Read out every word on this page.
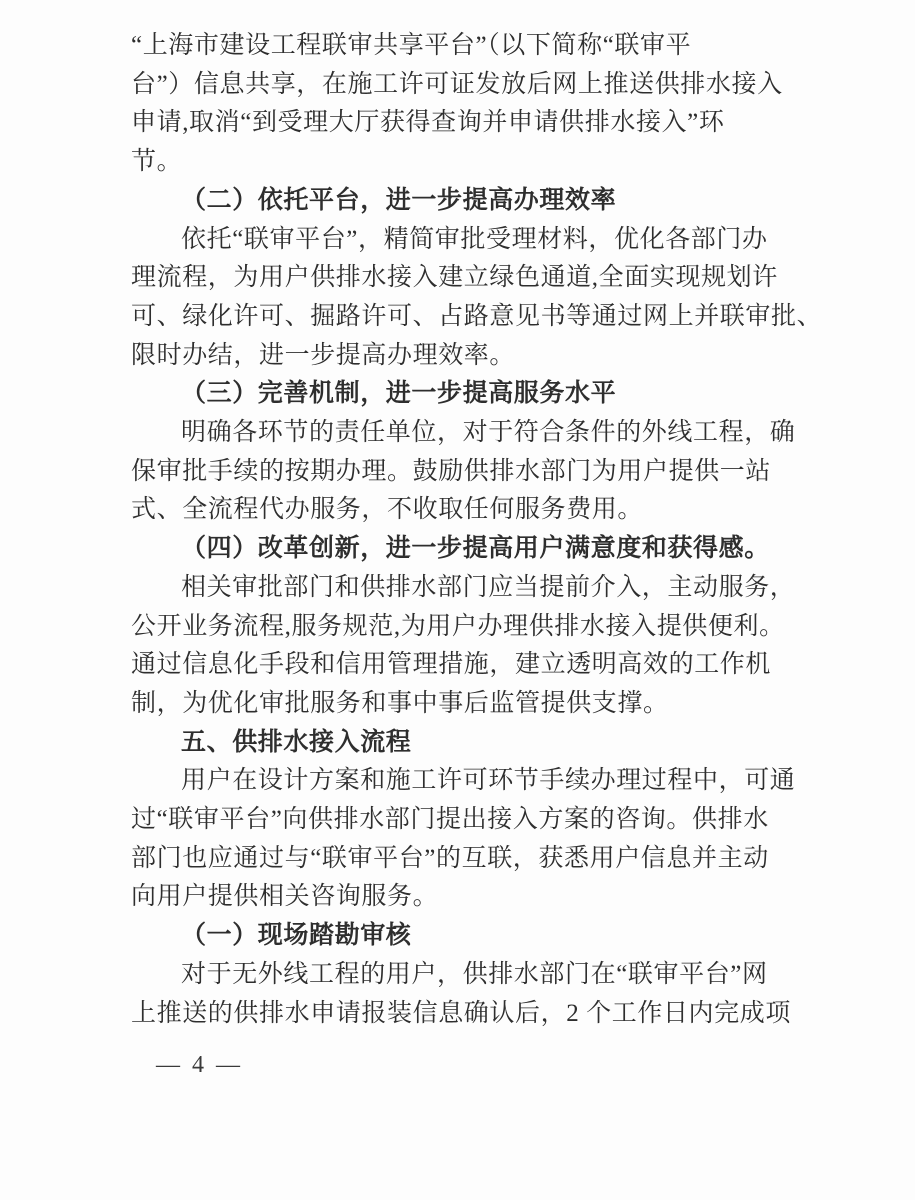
“上海市建设工程联审共享平台”（以下简称“联审平
台”）信息共享，在施工许可证发放后网上推送供排水接入
申请,取消“到受理大厅获得查询并申请供排水接入”环
节。
（二）依托平台，进一步提高办理效率
依托“联审平台”，精简审批受理材料，优化各部门办
理流程，为用户供排水接入建立绿色通道,全面实现规划许
可、绿化许可、掘路许可、占路意见书等通过网上并联审批、
限时办结，进一步提高办理效率。
（三）完善机制，进一步提高服务水平
明确各环节的责任单位，对于符合条件的外线工程，确
保审批手续的按期办理。鼓励供排水部门为用户提供一站
式、全流程代办服务，不收取任何服务费用。
（四）改革创新，进一步提高用户满意度和获得感。
相关审批部门和供排水部门应当提前介入，主动服务，
公开业务流程,服务规范,为用户办理供排水接入提供便利。
通过信息化手段和信用管理措施，建立透明高效的工作机
制，为优化审批服务和事中事后监管提供支撑。
五、供排水接入流程
用户在设计方案和施工许可环节手续办理过程中，可通
过“联审平台”向供排水部门提出接入方案的咨询。供排水
部门也应通过与“联审平台”的互联，获悉用户信息并主动
向用户提供相关咨询服务。
（一）现场踏勘审核
对于无外线工程的用户，供排水部门在“联审平台”网
上推送的供排水申请报装信息确认后，2 个工作日内完成项
— 4 —
